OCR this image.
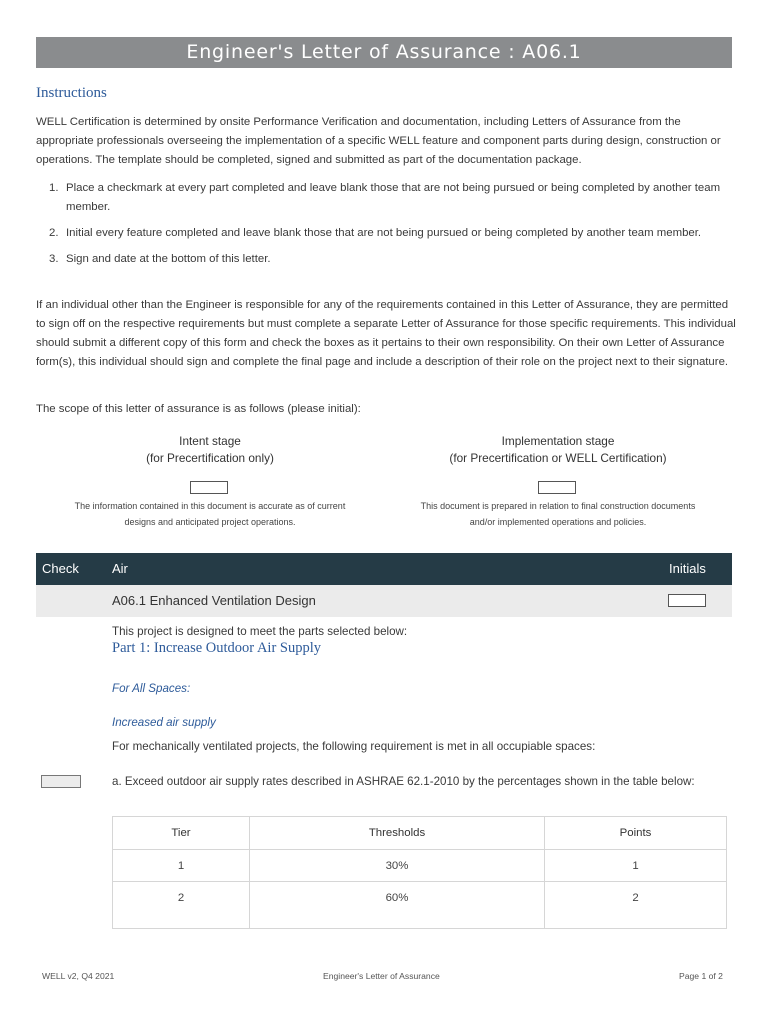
Engineer's Letter of Assurance : A06.1
Instructions
WELL Certification is determined by onsite Performance Verification and documentation, including Letters of Assurance from the appropriate professionals overseeing the implementation of a specific WELL feature and component parts during design, construction or operations. The template should be completed, signed and submitted as part of the documentation package.
1. Place a checkmark at every part completed and leave blank those that are not being pursued or being completed by another team member.
2. Initial every feature completed and leave blank those that are not being pursued or being completed by another team member.
3. Sign and date at the bottom of this letter.
If an individual other than the Engineer is responsible for any of the requirements contained in this Letter of Assurance, they are permitted to sign off on the respective requirements but must complete a separate Letter of Assurance for those specific requirements. This individual should submit a different copy of this form and check the boxes as it pertains to their own responsibility. On their own Letter of Assurance form(s), this individual should sign and complete the final page and include a description of their role on the project next to their signature.
The scope of this letter of assurance is as follows (please initial):
Intent stage
(for Precertification only)
The information contained in this document is accurate as of current
designs and anticipated project operations.
Implementation stage
(for Precertification or WELL Certification)
This document is prepared in relation to final construction documents
and/or implemented operations and policies.
Check	Air	Initials
A06.1 Enhanced Ventilation Design
This project is designed to meet the parts selected below:
Part 1: Increase Outdoor Air Supply
For All Spaces:
Increased air supply
For mechanically ventilated projects, the following requirement is met in all occupiable spaces:
a. Exceed outdoor air supply rates described in ASHRAE 62.1-2010 by the percentages shown in the table below:
Tier	Thresholds	Points
1	30%	1
2	60%	2

WELL v2, Q4 2021	Engineer's Letter of Assurance	Page 1 of 2
